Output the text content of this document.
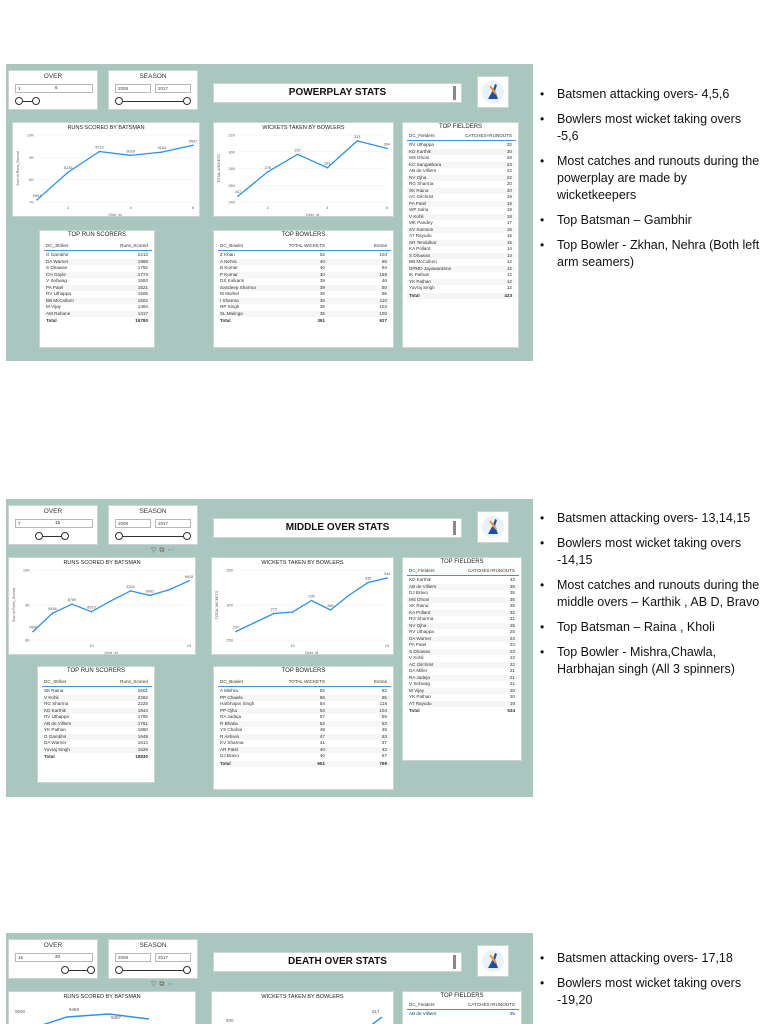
OVER
1	6
SEASON
2008	2017	POWERPLAY STATS
RUNS SCORED BY BATSMAN
Sum of Runs_Scored
10K
9K
8K
7K
2	4	6
Over_id
6903
8230
9213
9028
9184
9507
WICKETS TAKEN BY BOWLERS
TOTAL WICKETS
320
300
280
260
240
2	4	6
Over_id
247
276
297
281
313
304
TOP RUN SCORERS
DC_Striker	Runs_Scored
G Gambhir	2213
DA Warner	1968
S Dhawan	1792
CH Gayle	1774
V Sehwag	1593
PA Patel	1521
RV Uthappa	1506
BB McCullum	1502
M Vijay	1494
AM Rahane	1417
Total	16780
TOP BOWLERS
DC_Bowler	TOTAL WICKETS	Extras
Z Khan	52	104
A Nehra	40	65
B Kumar	40	94
P Kumar	40	159
DS Kulkarni	39	46
Sandeep Sharma	39	50
M Morkel	36	96
I Sharma	35	110
RP Singh	35	103
SL Malinga	35	100
Total	391	927
TOP FIELDERS
DC_Fielders	CATCHES+RUNOUTS
RV Uthappa	32
KD Karthik	30
MS Dhoni	28
KC Sangakkara	23
AB de Villiers	22
NV Ojha	22
RG Sharma	20
SK Raina	20
AC Gilchrist	19
PA Patel	19
WP Saha	19
V Kohli	18
MK Pandey	17
SV Samson	16
AT Rayudu	15
SR Tendulkar	15
KA Pollard	14
S Dhawan	14
BB McCullum	12
DPMD Jayawardene	12
IK Pathan	12
YK Pathan	12
Yuvraj Singh	12
Total	423
• Batsmen attacking overs- 4,5,6
• Bowlers most wicket taking overs -5,6
• Most catches and runouts during the powerplay are made by wicketkeepers
• Top Batsman – Gambhir
• Top Bowler - Zkhan, Nehra (Both left arm seamers)
OVER
7	15
SEASON
2008	2017
▽ ⧉ ⋯
MIDDLE OVER STATS
RUNS SCORED BY BATSMAN
Sum of Runs_Scored
10K
9K
8K
10	15
Over_id
7800
8456
8780
8510
9253
9092
9615
WICKETS TAKEN BY BOWLERS
TOTAL WICKETS
350
300
250
10	15
Over_id
237
273
299
280
335
344
TOP RUN SCORERS
DC_Striker	Runs_Scored
SK Raina	2501
V Kohli	2262
RG Sharma	2225
KD Karthik	1844
RV Uthappa	1795
AB de Villiers	1761
YK Pathan	1650
G Gambhir	1649
DA Warner	1614
Yuvraj Singh	1529
Total	18830
TOP BOWLERS
DC_Bowler	TOTAL WICKETS	Extras
A Mishra	92	82
PP Chawla	86	85
Harbhajan Singh	84	118
PP Ojha	63	104
RA Jadeja	57	59
R Bhatia	52	63
YS Chahal	49	48
R Ashwin	47	63
KV Sharma	41	37
AR Patel	40	43
DJ Bravo	40	67
Total	651	769
TOP FIELDERS
DC_Fielders	CATCHES+RUNOUTS
KD Karthik	43
AB de Villiers	36
DJ Bravo	35
MS Dhoni	35
SK Raina	35
KA Pollard	32
RG Sharma	31
NV Ojha	25
RV Uthappa	25
DA Warner	24
PA Patel	23
S Dhawan	23
V Kohli	23
AC Gilchrist	22
DA Miller	21
RA Jadeja	21
V Sehwag	21
M Vijay	20
YK Pathan	20
AT Rayudu	19
Total	534
• Batsmen attacking overs- 13,14,15
• Bowlers most wicket taking overs -14,15
• Most catches and runouts during the middle overs – Karthik , AB D, Bravo
• Top Batsman – Raina , Kholi
• Top Bowler - Mishra,Chawla, Harbhajan singh (All 3 spinners)
OVER
16	20
SEASON
2008	2017
▽ ⧉ ⋯
DEATH OVER STATS
RUNS SCORED BY BATSMAN
9500	9468
9407
WICKETS TAKEN BY BOWLERS
500
517
TOP FIELDERS
DC_Fielders	CATCHES+RUNOUTS
AB de Villiers	35
• Batsmen attacking overs- 17,18
• Bowlers most wicket taking overs -19,20
